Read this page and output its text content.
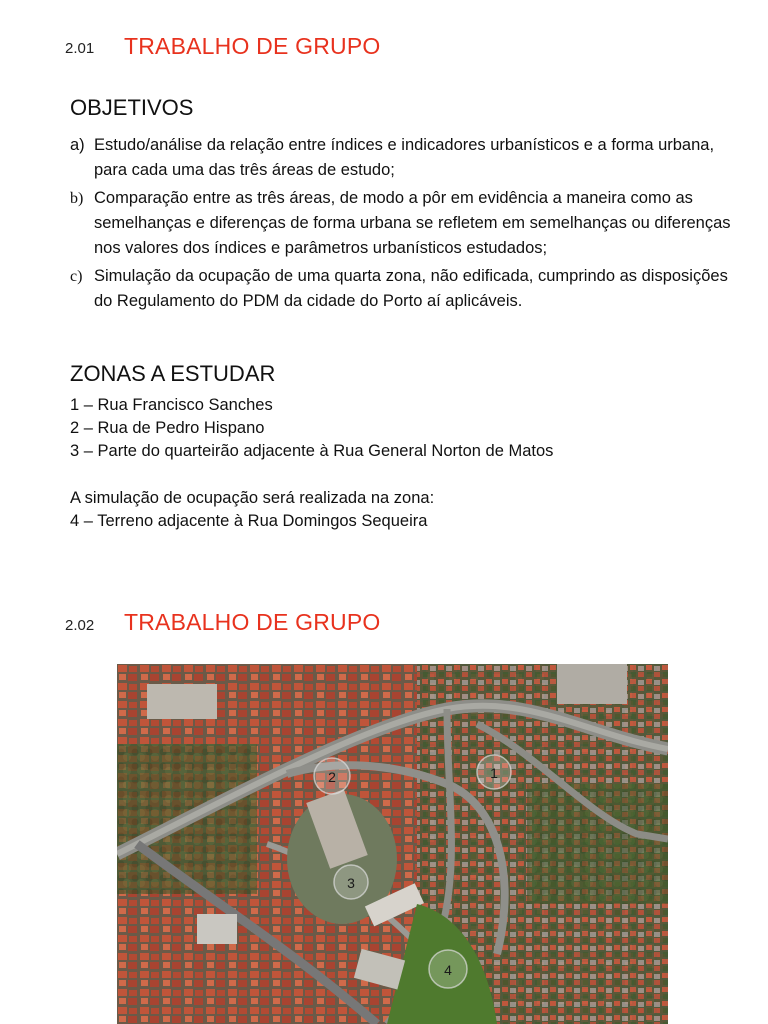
2.01 TRABALHO DE GRUPO
OBJETIVOS
a) Estudo/análise da relação entre índices e indicadores urbanísticos e a forma urbana, para cada uma das três áreas de estudo;
b) Comparação entre as três áreas, de modo a pôr em evidência a maneira como as semelhanças e diferenças de forma urbana se refletem em semelhanças ou diferenças nos valores dos índices e parâmetros urbanísticos estudados;
c) Simulação da ocupação de uma quarta zona, não edificada, cumprindo as disposições do Regulamento do PDM da cidade do Porto aí aplicáveis.
ZONAS A ESTUDAR
1 – Rua Francisco Sanches
2 – Rua de Pedro Hispano
3 – Parte do quarteirão adjacente à Rua General Norton de Matos
A simulação de ocupação será realizada na zona:
4 – Terreno adjacente à Rua Domingos Sequeira
2.02 TRABALHO DE GRUPO
1
2
3
4
